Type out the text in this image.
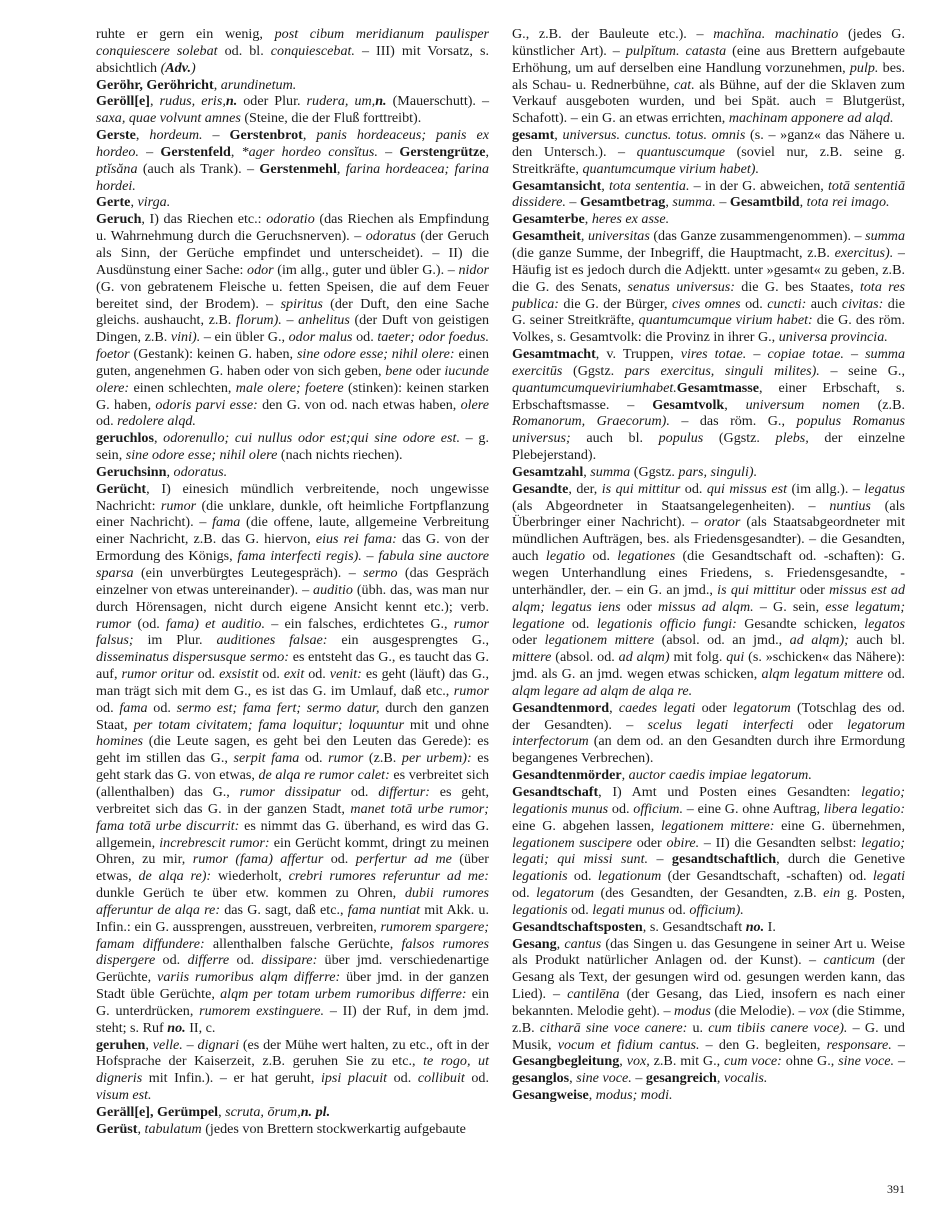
ruhte er gern ein wenig, post cibum meridianum paulisper conquiescere solebat od. bl. conquiescebat. – III) mit Vorsatz, s. absichtlich (Adv.)

Geröhr, Geröhricht, arundinetum.

Geröll[e], rudus, eris,n. oder Plur. rudera, um,n. (Mauerschutt). – saxa, quae volvunt amnes (Steine, die der Fluß forttreibt).

Gerste, hordeum. – Gerstenbrot, panis hordeaceus; panis ex hordeo. – Gerstenfeld, *ager hordeo consĭtus. – Gerstengrütze, ptĭsăna (auch als Trank). – Gerstenmehl, farina hordeacea; farina hordei.

Gerte, virga.

Geruch, I) das Riechen etc.: odoratio (das Riechen als Empfindung u. Wahrnehmung durch die Geruchsnerven). – odoratus (der Geruch als Sinn, der Gerüche empfindet und unterscheidet). – II) die Ausdünstung einer Sache: odor (im allg., guter und übler G.). – nidor (G. von gebratenem Fleische u. fetten Speisen, die auf dem Feuer bereitet sind, der Brodem). – spiritus (der Duft, den eine Sache gleichs. aushaucht, z.B. florum). – anhelitus (der Duft von geistigen Dingen, z.B. vini). – ein übler G., odor malus od. taeter; odor foedus. foetor (Gestank): keinen G. haben, sine odore esse; nihil olere: einen guten, angenehmen G. haben oder von sich geben, bene oder iucunde olere: einen schlechten, male olere; foetere (stinken): keinen starken G. haben, odoris parvi esse: den G. von od. nach etwas haben, olere od. redolere alqd.

geruchlos, odorenullo; cui nullus odor est;qui sine odore est. – g. sein, sine odore esse; nihil olere (nach nichts riechen).

Geruchsinn, odoratus.

Gerücht, I) einesich mündlich verbreitende, noch ungewisse Nachricht: rumor (die unklare, dunkle, oft heimliche Fortpflanzung einer Nachricht). – fama (die offene, laute, allgemeine Verbreitung einer Nachricht, z.B. das G. hiervon, eius rei fama: das G. von der Ermordung des Königs, fama interfecti regis). – fabula sine auctore sparsa (ein unverbürgtes Leutegespräch). – sermo (das Gespräch einzelner von etwas untereinander). – auditio (übh. das, was man nur durch Hörensagen, nicht durch eigene Ansicht kennt etc.); verb. rumor (od. fama) et auditio. – ein falsches, erdichtetes G., rumor falsus; im Plur. auditiones falsae: ein ausgesprengtes G., disseminatus dispersusque sermo: es entsteht das G., es taucht das G. auf, rumor oritur od. exsistit od. exit od. venit: es geht (läuft) das G., man trägt sich mit dem G., es ist das G. im Umlauf, daß etc., rumor od. fama od. sermo est; fama fert; sermo datur, durch den ganzen Staat, per totam civitatem; fama loquitur; loquuntur mit und ohne homines (die Leute sagen, es geht bei den Leuten das Gerede): es geht im stillen das G., serpit fama od. rumor (z.B. per urbem): es geht stark das G. von etwas, de alqa re rumor calet: es verbreitet sich (allenthalben) das G., rumor dissipatur od. differtur: es geht, verbreitet sich das G. in der ganzen Stadt, manet totā urbe rumor; fama totā urbe discurrit: es nimmt das G. überhand, es wird das G. allgemein, increbrescit rumor: ein Gerücht kommt, dringt zu meinen Ohren, zu mir, rumor (fama) affertur od. perfertur ad me (über etwas, de alqa re): wiederholt, crebri rumores referuntur ad me: dunkle Gerüch te über etw. kommen zu Ohren, dubii rumores afferuntur de alqa re: das G. sagt, daß etc., fama nuntiat mit Akk. u. Infin.: ein G. aussprengen, ausstreuen, verbreiten, rumorem spargere; famam diffundere: allenthalben falsche Gerüchte, falsos rumores dispergere od. differre od. dissipare: über jmd. verschiedenartige Gerüchte, variis rumoribus alqm differre: über jmd. in der ganzen Stadt üble Gerüchte, alqm per totam urbem rumoribus differre: ein G. unterdrücken, rumorem exstinguere. – II) der Ruf, in dem jmd. steht; s. Ruf no. II, c.

geruhen, velle. – dignari (es der Mühe wert halten, zu etc., oft in der Hofsprache der Kaiserzeit, z.B. geruhen Sie zu etc., te rogo, ut digneris mit Infin.). – er hat geruht, ipsi placuit od. collibuit od. visum est.

Geräll[e], Gerümpel, scruta, ōrum,n. pl.

Gerüst, tabulatum (jedes von Brettern stockwerkartig aufgebaute

G., z.B. der Bauleute etc.). – machĭna. machinatio (jedes G. künstlicher Art). – pulpĭtum. catasta (eine aus Brettern aufgebaute Erhöhung, um auf derselben eine Handlung vorzunehmen, pulp. bes. als Schau- u. Rednerbühne, cat. als Bühne, auf der die Sklaven zum Verkauf ausgeboten wurden, und bei Spät. auch = Blutgerüst, Schafott). – ein G. an etwas errichten, machinam apponere ad alqd.

gesamt, universus. cunctus. totus. omnis (s. – »ganz« das Nähere u. den Untersch.). – quantuscumque (soviel nur, z.B. seine g. Streitkräfte, quantumcumque virium habet).

Gesamtansicht, tota sententia. – in der G. abweichen, totā sententiā dissidere. – Gesamtbetrag, summa. – Gesamtbild, tota rei imago.

Gesamterbe, heres ex asse.

Gesamtheit, universitas (das Ganze zusammengenommen). – summa (die ganze Summe, der Inbegriff, die Hauptmacht, z.B. exercitus). – Häufig ist es jedoch durch die Adjektt. unter »gesamt« zu geben, z.B. die G. des Senats, senatus universus: die G. bes Staates, tota res publica: die G. der Bürger, cives omnes od. cuncti: auch civitas: die G. seiner Streitkräfte, quantumcumque virium habet: die G. des röm. Volkes, s. Gesamtvolk: die Provinz in ihrer G., universa provincia.

Gesamtmacht, v. Truppen, vires totae. – copiae totae. – summa exercitūs (Ggstz. pars exercitus, singuli milites). – seine G., quantumcumqueviriumhabet.Gesamtmasse, einer Erbschaft, s. Erbschaftsmasse. – Gesamtvolk, universum nomen (z.B. Romanorum, Graecorum). – das röm. G., populus Romanus universus; auch bl. populus (Ggstz. plebs, der einzelne Plebejerstand).

Gesamtzahl, summa (Ggstz. pars, singuli).

Gesandte, der, is qui mittitur od. qui missus est (im allg.). – legatus (als Abgeordneter in Staatsangelegenheiten). – nuntius (als Überbringer einer Nachricht). – orator (als Staatsabgeordneter mit mündlichen Aufträgen, bes. als Friedensgesandter). – die Gesandten, auch legatio od. legationes (die Gesandtschaft od. -schaften): G. wegen Unterhandlung eines Friedens, s. Friedensgesandte, -unterhändler, der. – ein G. an jmd., is qui mittitur oder missus est ad alqm; legatus iens oder missus ad alqm. – G. sein, esse legatum; legatione od. legationis officio fungi: Gesandte schicken, legatos oder legationem mittere (absol. od. an jmd., ad alqm); auch bl. mittere (absol. od. ad alqm) mit folg. qui (s. »schicken« das Nähere): jmd. als G. an jmd. wegen etwas schicken, alqm legatum mittere od. alqm legare ad alqm de alqa re.

Gesandtenmord, caedes legati oder legatorum (Totschlag des od. der Gesandten). – scelus legati interfecti oder legatorum interfectorum (an dem od. an den Gesandten durch ihre Ermordung begangenes Verbrechen).

Gesandtenmörder, auctor caedis impiae legatorum.

Gesandtschaft, I) Amt und Posten eines Gesandten: legatio; legationis munus od. officium. – eine G. ohne Auftrag, libera legatio: eine G. abgehen lassen, legationem mittere: eine G. übernehmen, legationem suscipere oder obire. – II) die Gesandten selbst: legatio; legati; qui missi sunt. – gesandtschaftlich, durch die Genetive legationis od. legationum (der Gesandtschaft, -schaften) od. legati od. legatorum (des Gesandten, der Gesandten, z.B. ein g. Posten, legationis od. legati munus od. officium).

Gesandtschaftsposten, s. Gesandtschaft no. I.

Gesang, cantus (das Singen u. das Gesungene in seiner Art u. Weise als Produkt natürlicher Anlagen od. der Kunst). – canticum (der Gesang als Text, der gesungen wird od. gesungen werden kann, das Lied). – cantilēna (der Gesang, das Lied, insofern es nach einer bekannten. Melodie geht). – modus (die Melodie). – vox (die Stimme, z.B. citharā sine voce canere: u. cum tibiis canere voce). – G. und Musik, vocum et fidium cantus. – den G. begleiten, responsare. – Gesangbegleitung, vox, z.B. mit G., cum voce: ohne G., sine voce. – gesanglos, sine voce. – gesangreich, vocalis.

Gesangweise, modus; modi.

391
